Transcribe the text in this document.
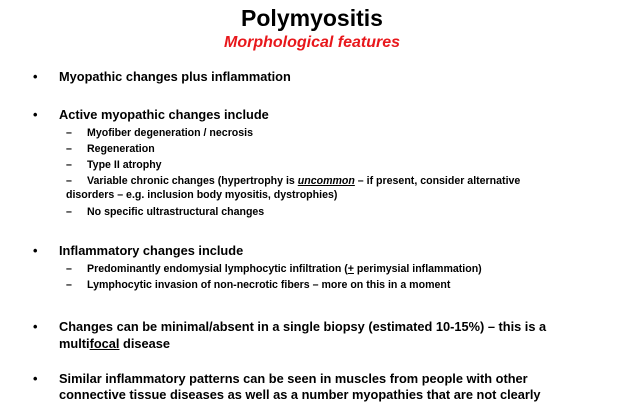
Polymyositis
Morphological features
• Myopathic changes plus inflammation
• Active myopathic changes include
– Myofiber degeneration / necrosis
– Regeneration
– Type II atrophy
– Variable chronic changes (hypertrophy is uncommon – if present, consider alternative
disorders – e.g. inclusion body myositis, dystrophies)
– No specific ultrastructural changes
• Inflammatory changes include
– Predominantly endomysial lymphocytic infiltration (+ perimysial inflammation)
– Lymphocytic invasion of non-necrotic fibers – more on this in a moment
• Changes can be minimal/absent in a single biopsy (estimated 10-15%) – this is a
multifocal disease
• Similar inflammatory patterns can be seen in muscles from people with other
connective tissue diseases as well as a number myopathies that are not clearly
